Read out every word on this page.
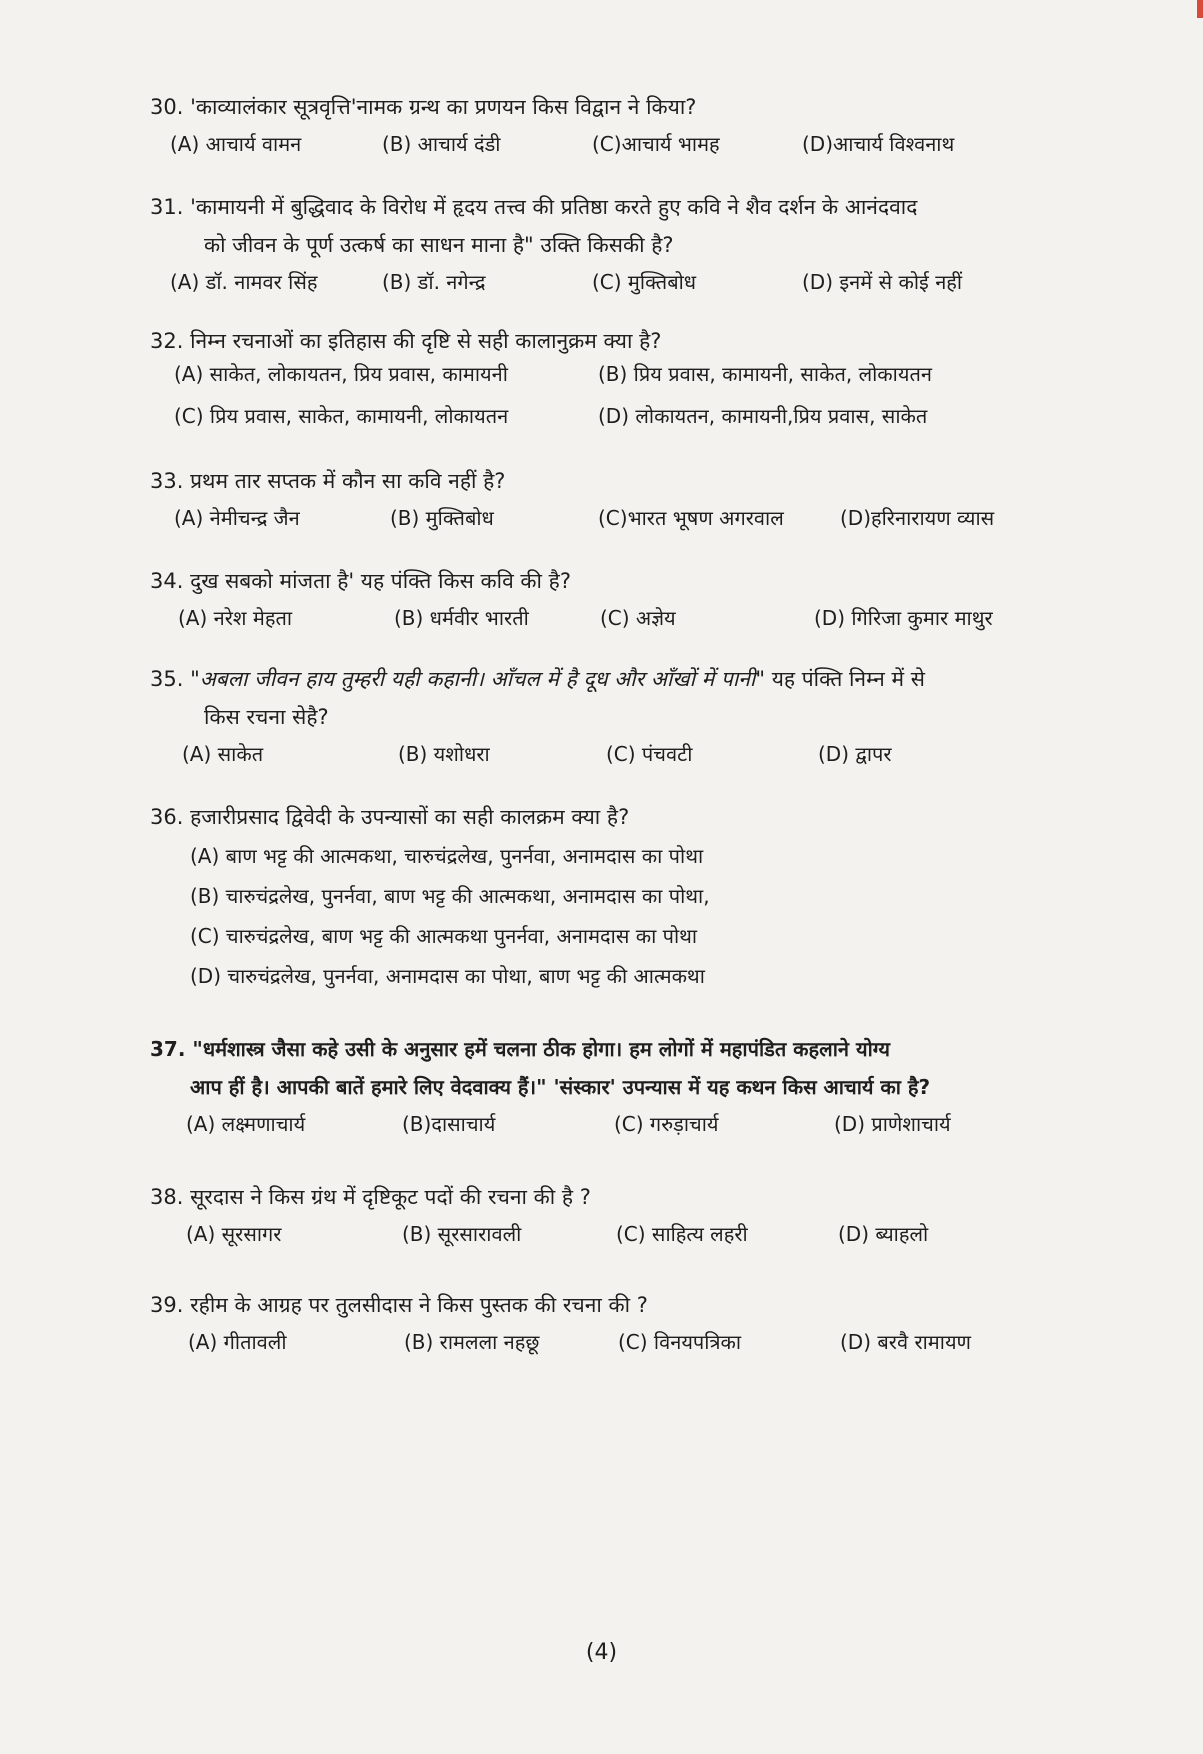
30. 'काव्यालंकार सूत्रवृत्ति'नामक ग्रन्थ का प्रणयन किस विद्वान ने किया?
(A) आचार्य वामन	(B) आचार्य दंडी	(C)आचार्य भामह	(D)आचार्य विश्वनाथ
31. 'कामायनी में बुद्धिवाद के विरोध में हृदय तत्त्व की प्रतिष्ठा करते हुए कवि ने शैव दर्शन के आनंदवाद
को जीवन के पूर्ण उत्कर्ष का साधन माना है" उक्ति किसकी है?
(A) डॉ. नामवर सिंह	(B) डॉ. नगेन्द्र	(C) मुक्तिबोध	(D) इनमें से कोई नहीं
32. निम्न रचनाओं का इतिहास की दृष्टि से सही कालानुक्रम क्या है?
(A) साकेत, लोकायतन, प्रिय प्रवास, कामायनी	(B) प्रिय प्रवास, कामायनी, साकेत, लोकायतन
(C) प्रिय प्रवास, साकेत, कामायनी, लोकायतन	(D) लोकायतन, कामायनी,प्रिय प्रवास, साकेत
33. प्रथम तार सप्तक में कौन सा कवि नहीं है?
(A) नेमीचन्द्र जैन	(B) मुक्तिबोध	(C)भारत भूषण अगरवाल	(D)हरिनारायण व्यास
34. दुख सबको मांजता है' यह पंक्ति किस कवि की है?
(A) नरेश मेहता	(B) धर्मवीर भारती	(C) अज्ञेय	(D) गिरिजा कुमार माथुर
35. "अबला जीवन हाय तुम्हरी यही कहानी। आँचल में है दूध और आँखों में पानी" यह पंक्ति निम्न में से
किस रचना सेहै?
(A) साकेत	(B) यशोधरा	(C) पंचवटी	(D) द्वापर
36. हजारीप्रसाद द्विवेदी के उपन्यासों का सही कालक्रम क्या है?
(A) बाण भट्ट की आत्मकथा, चारुचंद्रलेख, पुनर्नवा, अनामदास का पोथा
(B) चारुचंद्रलेख, पुनर्नवा, बाण भट्ट की आत्मकथा, अनामदास का पोथा,
(C) चारुचंद्रलेख, बाण भट्ट की आत्मकथा पुनर्नवा, अनामदास का पोथा
(D) चारुचंद्रलेख, पुनर्नवा, अनामदास का पोथा, बाण भट्ट की आत्मकथा
37. "धर्मशास्त्र जैसा कहे उसी के अनुसार हमें चलना ठीक होगा। हम लोगों में महापंडित कहलाने योग्य
आप हीं है। आपकी बातें हमारे लिए वेदवाक्य हैं।" 'संस्कार' उपन्यास में यह कथन किस आचार्य का है?
(A) लक्ष्मणाचार्य	(B)दासाचार्य	(C) गरुड़ाचार्य	(D) प्राणेशाचार्य
38. सूरदास ने किस ग्रंथ में दृष्टिकूट पदों की रचना की है ?
(A) सूरसागर	(B) सूरसारावली	(C) साहित्य लहरी	(D) ब्याहलो
39. रहीम के आग्रह पर तुलसीदास ने किस पुस्तक की रचना की ?
(A) गीतावली	(B) रामलला नहछू	(C) विनयपत्रिका	(D) बरवै रामायण
(4)
